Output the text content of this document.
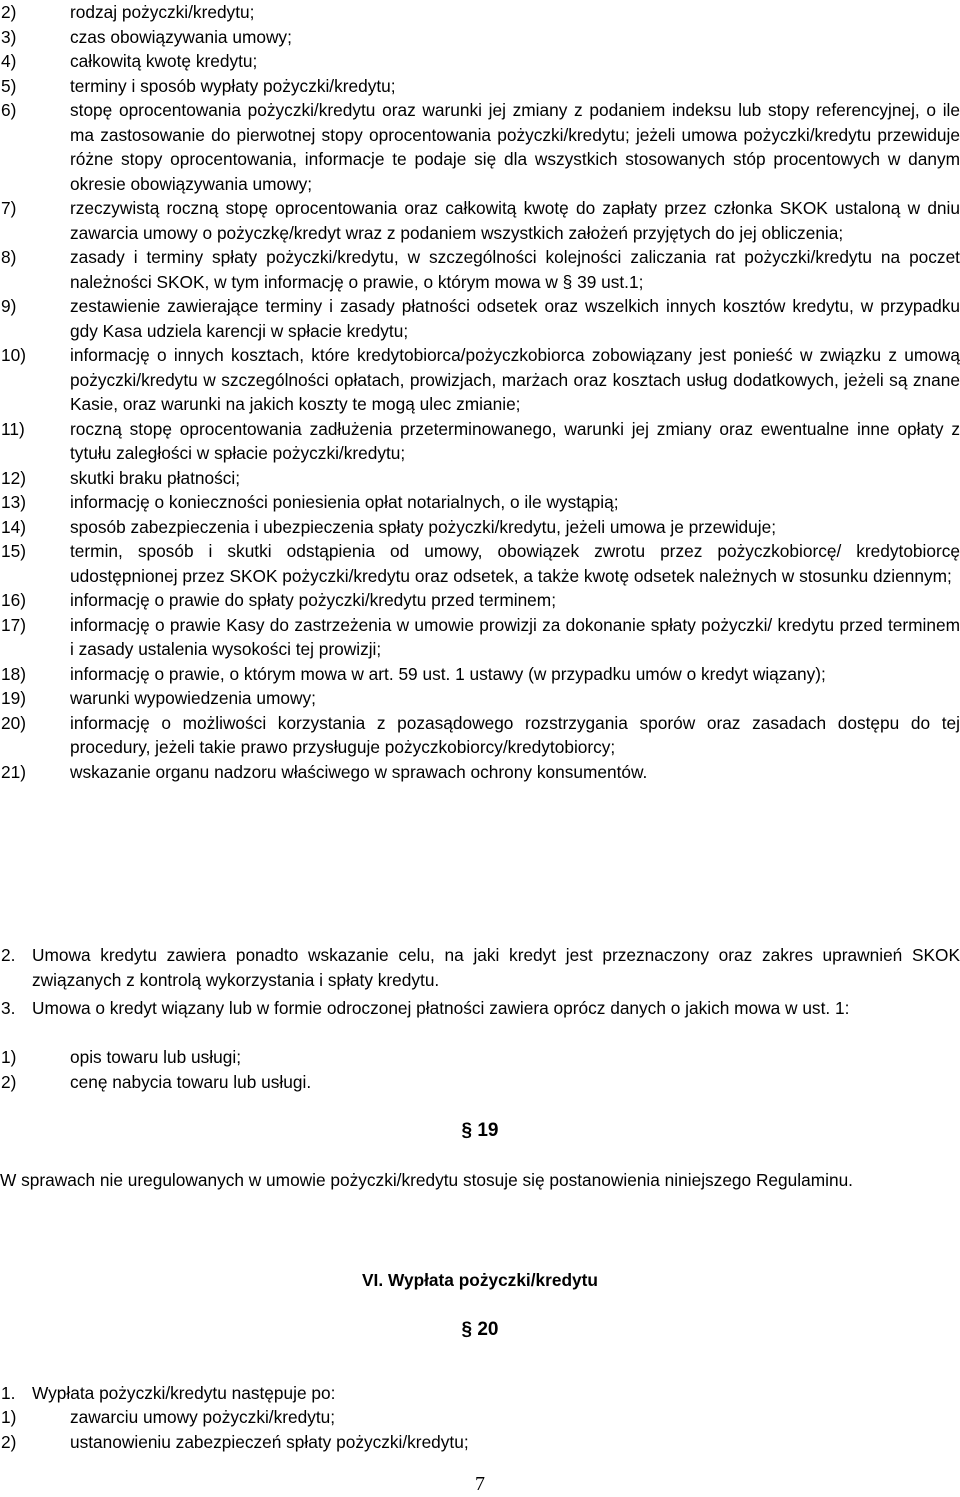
2)	rodzaj pożyczki/kredytu;
3)	czas obowiązywania umowy;
4)	całkowitą kwotę kredytu;
5)	terminy i sposób wypłaty pożyczki/kredytu;
6)	stopę oprocentowania pożyczki/kredytu oraz warunki jej zmiany z podaniem indeksu lub stopy referencyjnej, o ile ma zastosowanie do pierwotnej stopy oprocentowania pożyczki/kredytu; jeżeli umowa pożyczki/kredytu przewiduje różne stopy oprocentowania, informacje te podaje się dla wszystkich stosowanych stóp procentowych w danym okresie obowiązywania umowy;
7)	rzeczywistą roczną stopę oprocentowania oraz całkowitą kwotę do zapłaty przez członka SKOK ustaloną w dniu zawarcia umowy o pożyczkę/kredyt wraz z podaniem wszystkich założeń przyjętych do jej obliczenia;
8)	zasady i terminy spłaty pożyczki/kredytu, w szczególności kolejności zaliczania rat pożyczki/kredytu na poczet należności SKOK, w tym informację o prawie, o którym mowa w § 39 ust.1;
9)	zestawienie zawierające terminy i zasady płatności odsetek oraz wszelkich innych kosztów kredytu, w przypadku gdy Kasa udziela karencji w spłacie kredytu;
10)	informację o innych kosztach, które kredytobiorca/pożyczkobiorca zobowiązany jest ponieść w związku z umową pożyczki/kredytu w szczególności opłatach, prowizjach, marżach oraz kosztach usług dodatkowych, jeżeli są znane Kasie, oraz warunki na jakich koszty te mogą ulec zmianie;
11)	roczną stopę oprocentowania zadłużenia przeterminowanego, warunki jej zmiany oraz ewentualne inne opłaty z tytułu zaległości w spłacie pożyczki/kredytu;
12)	skutki braku płatności;
13)	informację o konieczności poniesienia opłat notarialnych, o ile wystąpią;
14)	sposób zabezpieczenia i ubezpieczenia spłaty pożyczki/kredytu, jeżeli umowa je przewiduje;
15)	termin, sposób i skutki odstąpienia od umowy, obowiązek zwrotu przez pożyczkobiorcę/ kredytobiorcę udostępnionej przez SKOK pożyczki/kredytu oraz odsetek, a także kwotę odsetek należnych w stosunku dziennym;
16)	informację o prawie do spłaty pożyczki/kredytu przed terminem;
17)	informację o prawie Kasy do zastrzeżenia w umowie prowizji za dokonanie spłaty pożyczki/ kredytu przed terminem i zasady ustalenia wysokości tej prowizji;
18)	informację o prawie, o którym mowa w art. 59 ust. 1 ustawy (w przypadku umów o kredyt wiązany);
19)	warunki wypowiedzenia umowy;
20)	informację o możliwości korzystania z pozasądowego rozstrzygania sporów oraz zasadach dostępu do tej procedury, jeżeli takie prawo przysługuje pożyczkobiorcy/kredytobiorcy;
21)	wskazanie organu nadzoru właściwego w sprawach ochrony konsumentów.
2. Umowa kredytu zawiera ponadto wskazanie celu, na jaki kredyt jest przeznaczony oraz zakres uprawnień SKOK związanych z kontrolą wykorzystania i spłaty kredytu.
3. Umowa o kredyt wiązany lub w formie odroczonej płatności zawiera oprócz danych o jakich mowa w ust. 1:
1)	opis towaru lub usługi;
2)	cenę nabycia towaru lub usługi.
§ 19
W sprawach nie uregulowanych w umowie pożyczki/kredytu stosuje się postanowienia niniejszego Regulaminu.
VI. Wypłata pożyczki/kredytu
§ 20
1. Wypłata pożyczki/kredytu następuje po:
1)	zawarciu umowy pożyczki/kredytu;
2)	ustanowieniu zabezpieczeń spłaty pożyczki/kredytu;
7
